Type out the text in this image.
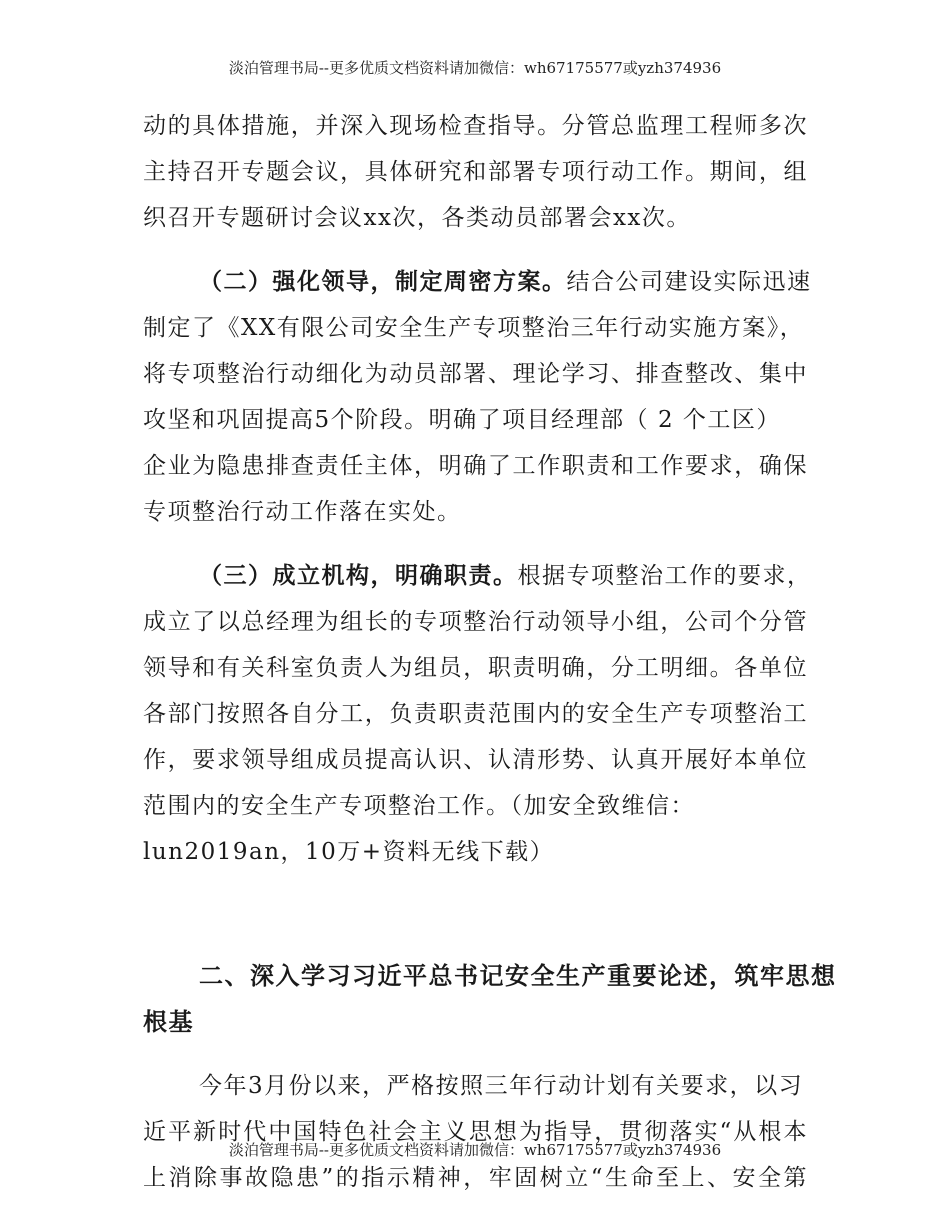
淡泊管理书局--更多优质文档资料请加微信：wh67175577或yzh374936
动的具体措施，并深入现场检查指导。分管总监理工程师多次
主持召开专题会议，具体研究和部署专项行动工作。期间，组
织召开专题研讨会议xx次，各类动员部署会xx次。
（二）强化领导，制定周密方案。结合公司建设实际迅速
制定了《XX有限公司安全生产专项整治三年行动实施方案》，
将专项整治行动细化为动员部署、理论学习、排查整改、集中
攻坚和巩固提高5个阶段。明确了项目经理部（ 2 个工区）
企业为隐患排查责任主体，明确了工作职责和工作要求，确保
专项整治行动工作落在实处。
（三）成立机构，明确职责。根据专项整治工作的要求，
成立了以总经理为组长的专项整治行动领导小组，公司个分管
领导和有关科室负责人为组员，职责明确，分工明细。各单位
各部门按照各自分工，负责职责范围内的安全生产专项整治工
作，要求领导组成员提高认识、认清形势、认真开展好本单位
范围内的安全生产专项整治工作。（加安全致维信：
lun2019an，10万+资料无线下载）
二、深入学习习近平总书记安全生产重要论述，筑牢思想
根基
今年3月份以来，严格按照三年行动计划有关要求，以习
近平新时代中国特色社会主义思想为指导，贯彻落实“从根本
上消除事故隐患”的指示精神，牢固树立“生命至上、安全第
淡泊管理书局--更多优质文档资料请加微信：wh67175577或yzh374936
